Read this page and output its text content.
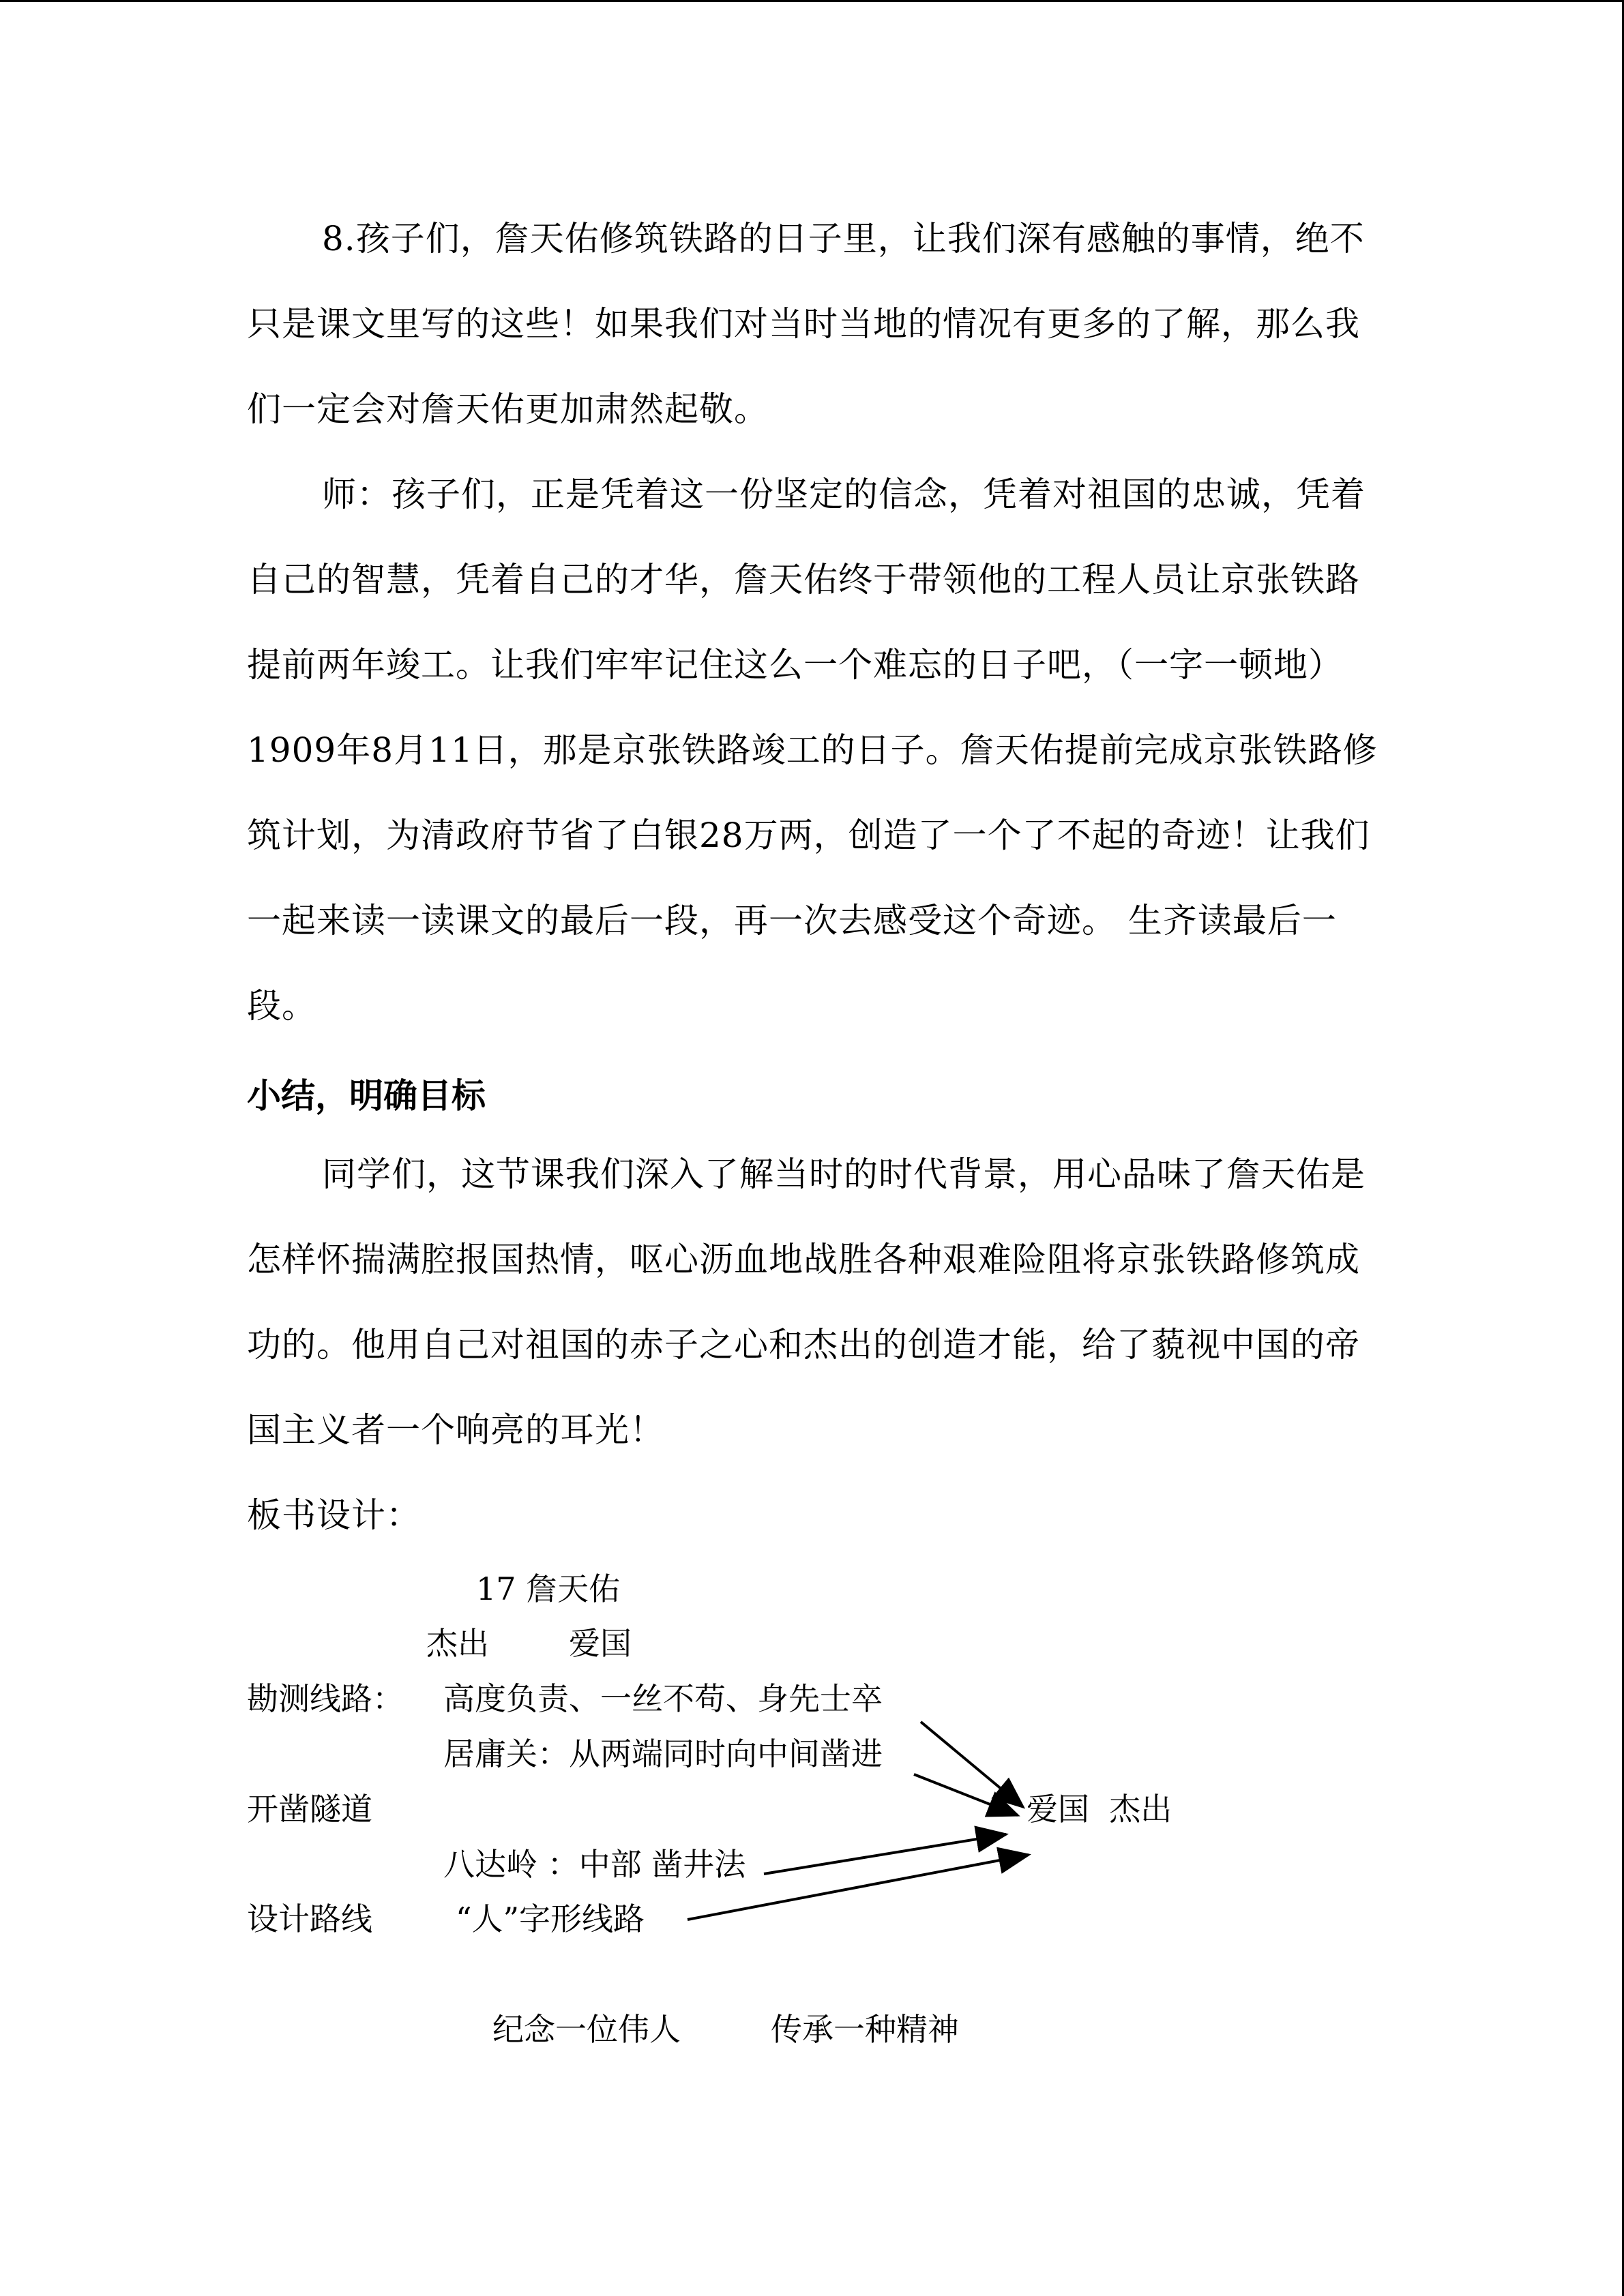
8.孩子们，詹天佑修筑铁路的日子里，让我们深有感触的事情，绝不只是课文里写的这些！如果我们对当时当地的情况有更多的了解，那么我们一定会对詹天佑更加肃然起敬。

师：孩子们，正是凭着这一份坚定的信念，凭着对祖国的忠诚，凭着自己的智慧，凭着自己的才华，詹天佑终于带领他的工程人员让京张铁路提前两年竣工。让我们牢牢记住这么一个难忘的日子吧，（一字一顿地）1909年8月11日，那是京张铁路竣工的日子。詹天佑提前完成京张铁路修筑计划，为清政府节省了白银28万两，创造了一个了不起的奇迹！让我们一起来读一读课文的最后一段，再一次去感受这个奇迹。 生齐读最后一段。

小结，明确目标

同学们，这节课我们深入了解当时的时代背景，用心品味了詹天佑是怎样怀揣满腔报国热情，呕心沥血地战胜各种艰难险阻将京张铁路修筑成功的。他用自己对祖国的赤子之心和杰出的创造才能，给了藐视中国的帝国主义者一个响亮的耳光！

板书设计：

17 詹天佑
杰出        爱国
勘测线路： 高度负责、一丝不苟、身先士卒
居庸关：从两端同时向中间凿进
开凿隧道	爱国  杰出
八达岭 ：中部 凿井法
设计路线	“人”字形线路
纪念一位伟人	传承一种精神
